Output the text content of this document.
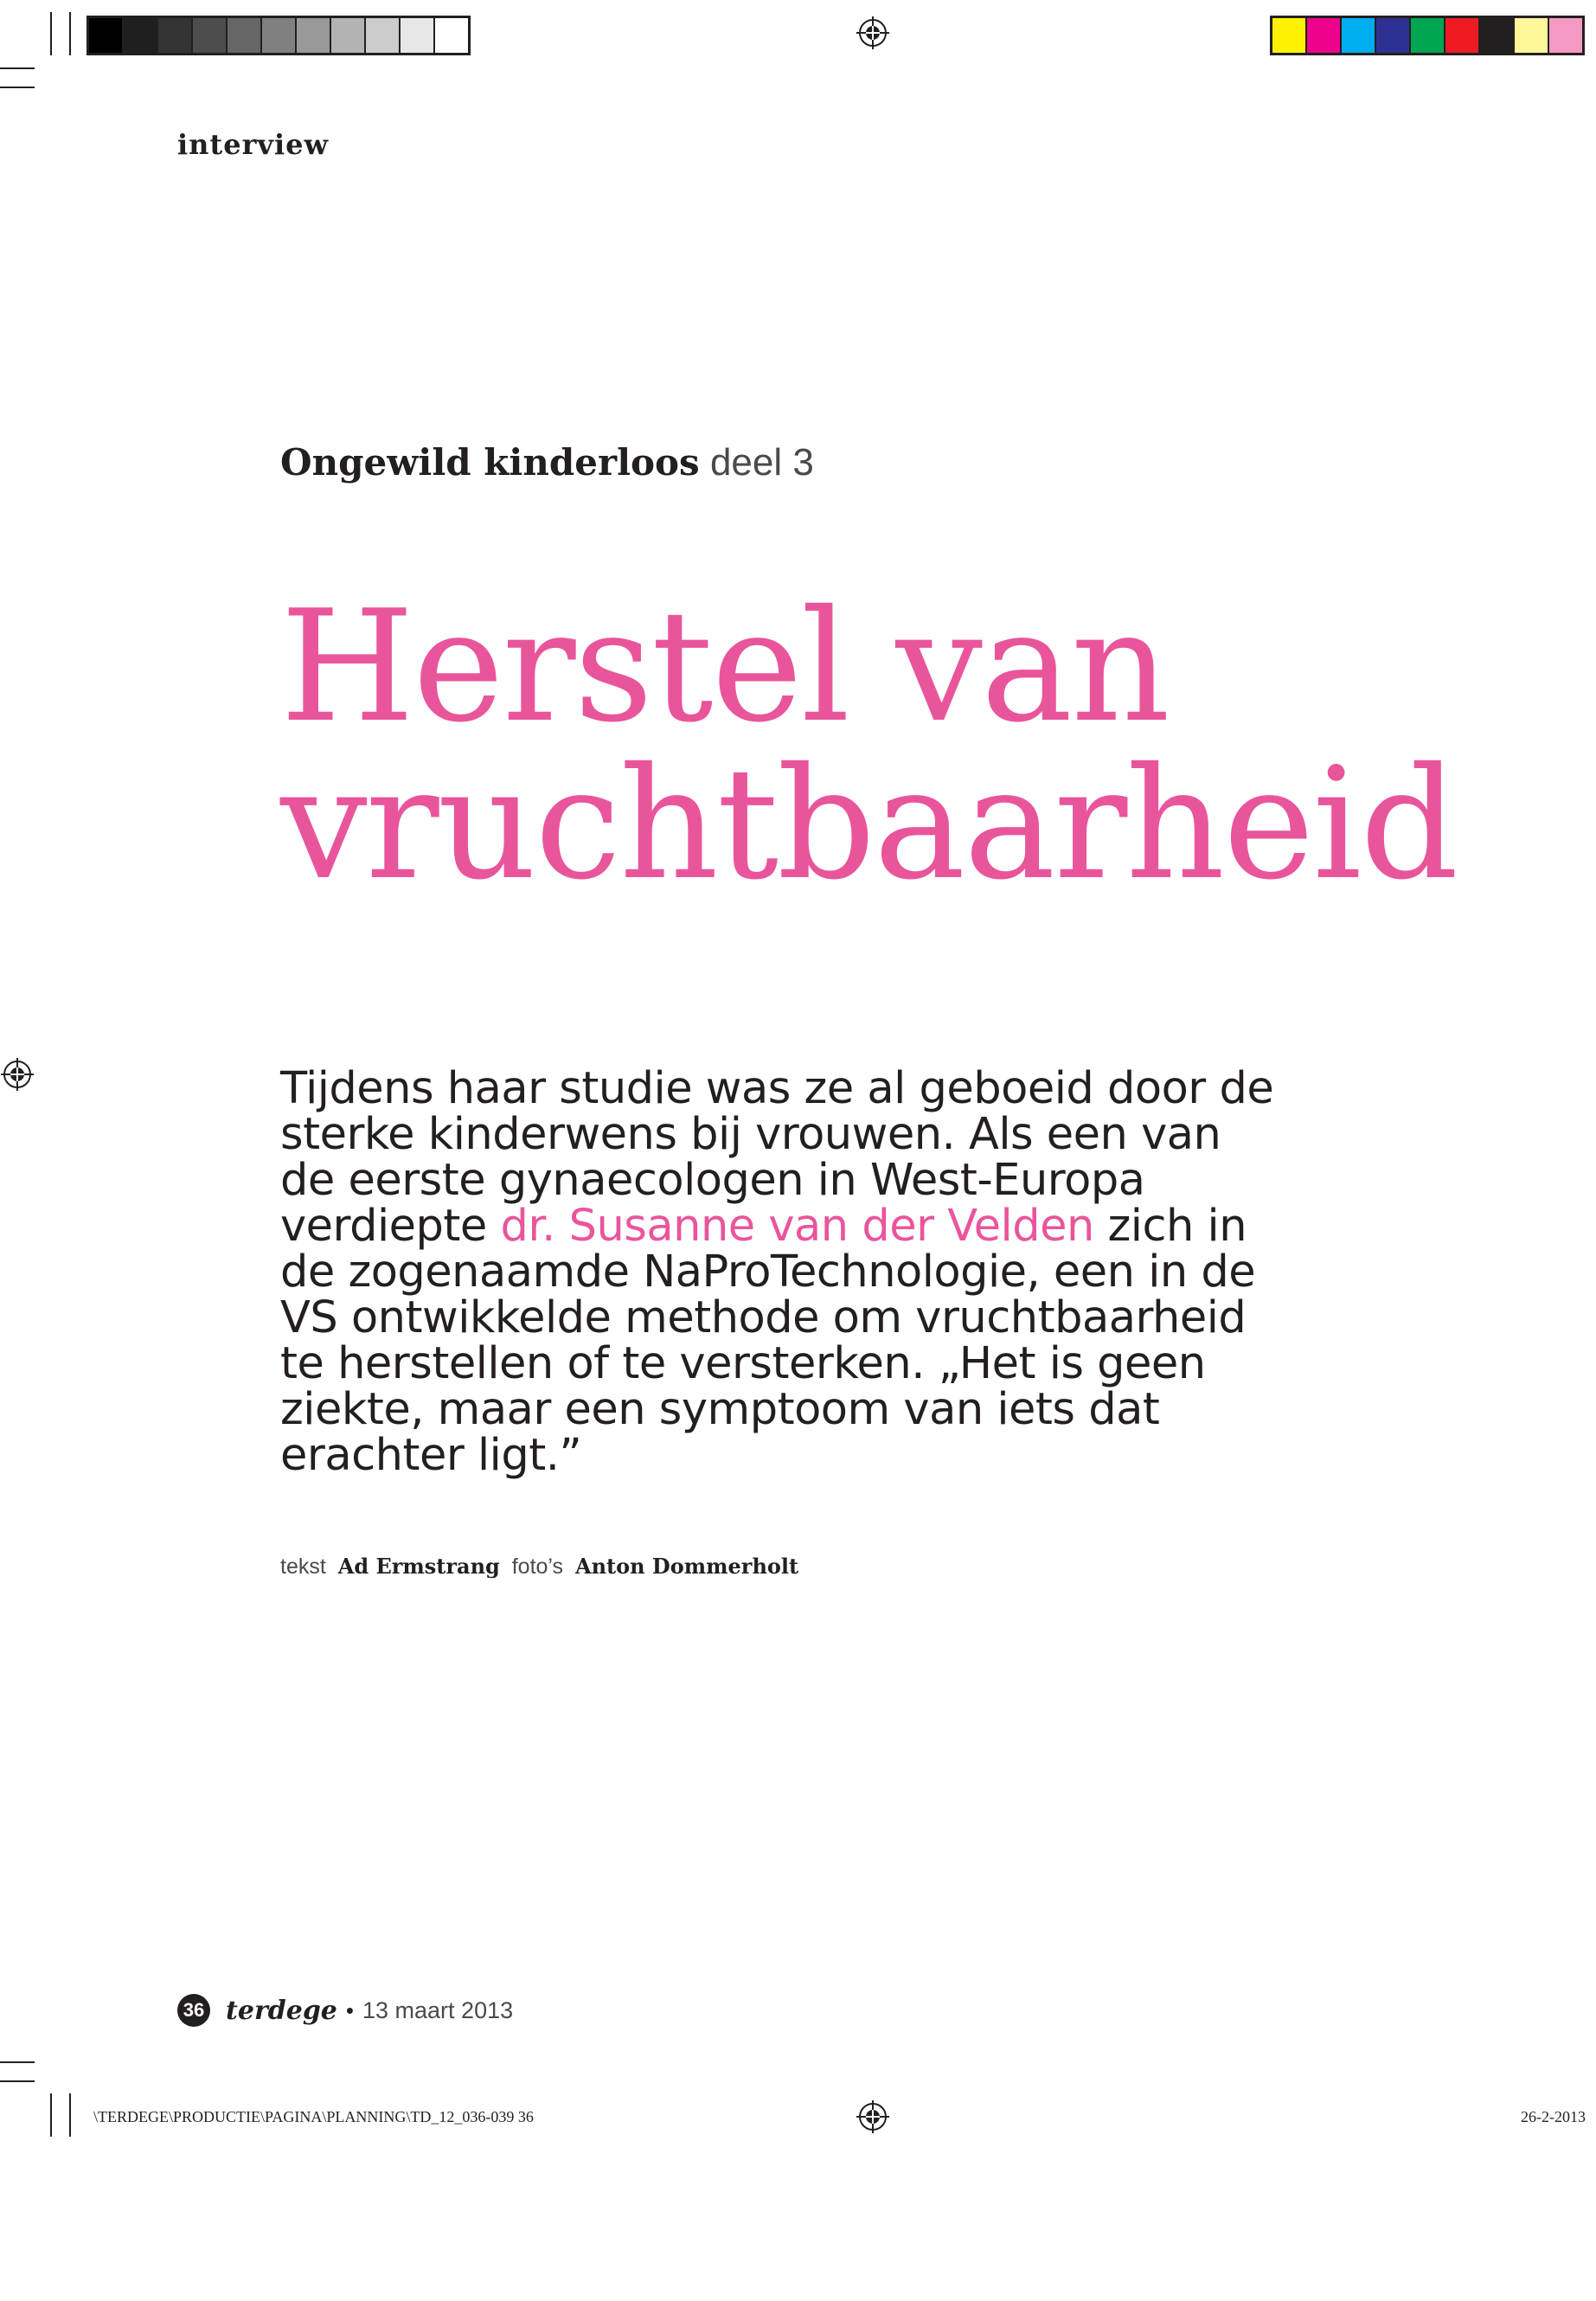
interview
Ongewild kinderloos deel 3
Herstel van
vruchtbaarheid
Tijdens haar studie was ze al geboeid door de sterke kinderwens bij vrouwen. Als een van de eerste gynaecologen in West-Europa verdiepte dr. Susanne van der Velden zich in de zogenaamde NaProTechnologie, een in de VS ontwikkelde methode om vruchtbaarheid te herstellen of te versterken. „Het is geen ziekte, maar een symptoom van iets dat erachter ligt.”
tekst Ad Ermstrang foto’s Anton Dommerholt
36 terdege • 13 maart 2013
\TERDEGE\PRODUCTIE\PAGINA\PLANNING\TD_12_036-039 36	26-2-2013
